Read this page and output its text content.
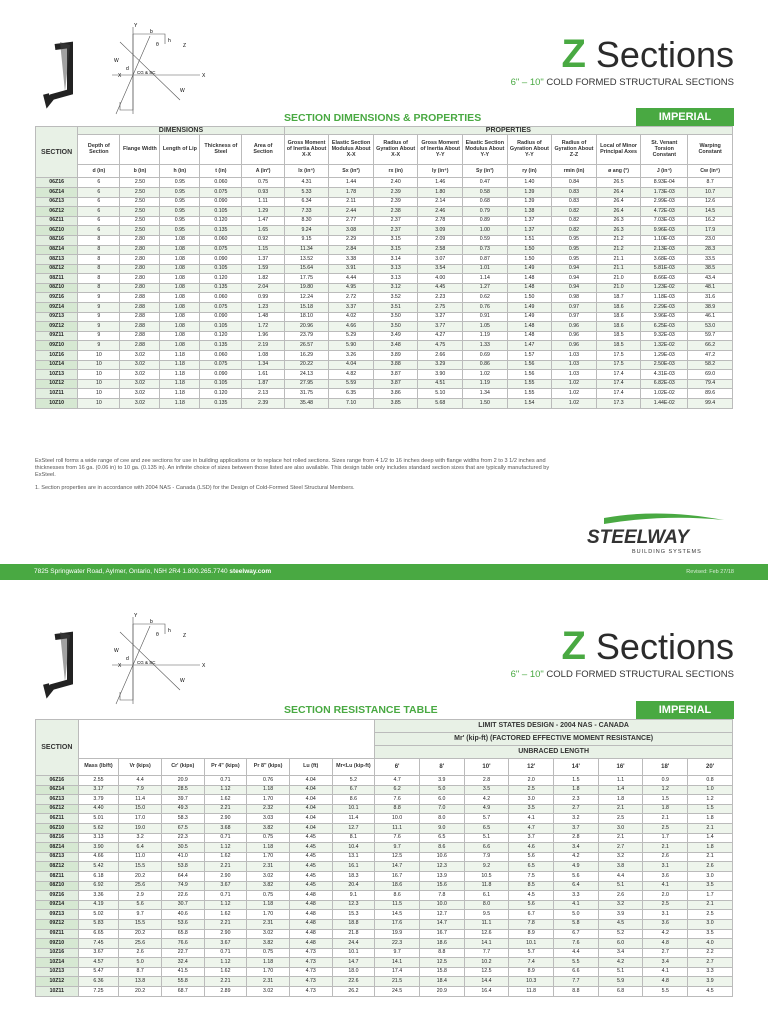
Y
Z
X
X
CG & SC
W
W
b
d
h
θ	Z Sections
6" – 10" COLD FORMED STRUCTURAL SECTIONS
SECTION DIMENSIONS & PROPERTIES	IMPERIAL
SECTION	DIMENSIONS					PROPERTIES									
	Depth of Section	Flange Width	Length of Lip	Thickness of Steel	Area of Section	Gross Moment of Inertia About X-X	Elastic Section Modulus About X-X	Radius of Gyration About X-X	Gross Moment of Inertia About Y-Y	Elastic Section Modulus About Y-Y	Radius of Gyration About Y-Y	Radius of Gyration About Z-Z	Local of Minor Principal Axes	St. Venant Torsion Constant	Warping Constant
	d (in)	b (in)	h (in)	t (in)	A (in²)	Ix (in⁴)	Sx (in³)	rx (in)	Iy (in⁴)	Sy (in³)	ry (in)	rmin (in)	ø ang (°)	J (in⁴)	Cw (in⁶)
06Z16	6	2.50	0.95	0.060	0.75	4.31	1.44	2.40	1.46	0.47	1.40	0.84	26.5	8.93E-04	8.7
06Z14	6	2.50	0.95	0.075	0.93	5.33	1.78	2.39	1.80	0.58	1.39	0.83	26.4	1.73E-03	10.7
06Z13	6	2.50	0.95	0.090	1.11	6.34	2.11	2.39	2.14	0.68	1.39	0.83	26.4	2.99E-03	12.6
06Z12	6	2.50	0.95	0.105	1.29	7.33	2.44	2.38	2.46	0.79	1.38	0.82	26.4	4.72E-03	14.5
06Z11	6	2.50	0.95	0.120	1.47	8.30	2.77	2.37	2.78	0.89	1.37	0.82	26.3	7.03E-03	16.2
06Z10	6	2.50	0.95	0.135	1.65	9.24	3.08	2.37	3.09	1.00	1.37	0.82	26.3	9.96E-03	17.9
08Z16	8	2.80	1.08	0.060	0.92	9.15	2.29	3.15	2.09	0.59	1.51	0.95	21.2	1.10E-03	23.0
08Z14	8	2.80	1.08	0.075	1.15	11.34	2.84	3.15	2.58	0.73	1.50	0.95	21.2	2.13E-03	28.3
08Z13	8	2.80	1.08	0.090	1.37	13.52	3.38	3.14	3.07	0.87	1.50	0.95	21.1	3.68E-03	33.5
08Z12	8	2.80	1.08	0.105	1.59	15.64	3.91	3.13	3.54	1.01	1.49	0.94	21.1	5.81E-03	38.5
08Z11	8	2.80	1.08	0.120	1.82	17.75	4.44	3.13	4.00	1.14	1.48	0.94	21.0	8.66E-03	43.4
08Z10	8	2.80	1.08	0.135	2.04	19.80	4.95	3.12	4.45	1.27	1.48	0.94	21.0	1.23E-02	48.1
09Z16	9	2.88	1.08	0.060	0.99	12.24	2.72	3.52	2.23	0.62	1.50	0.98	18.7	1.18E-03	31.6
09Z14	9	2.88	1.08	0.075	1.23	15.18	3.37	3.51	2.75	0.76	1.49	0.97	18.6	2.29E-03	38.9
09Z13	9	2.88	1.08	0.090	1.48	18.10	4.02	3.50	3.27	0.91	1.49	0.97	18.6	3.96E-03	46.1
09Z12	9	2.88	1.08	0.105	1.72	20.96	4.66	3.50	3.77	1.05	1.48	0.96	18.6	6.25E-03	53.0
09Z11	9	2.88	1.08	0.120	1.96	23.79	5.29	3.49	4.27	1.19	1.48	0.96	18.5	9.32E-03	59.7
09Z10	9	2.88	1.08	0.135	2.19	26.57	5.90	3.48	4.75	1.33	1.47	0.96	18.5	1.32E-02	66.2
10Z16	10	3.02	1.18	0.060	1.08	16.29	3.26	3.89	2.66	0.69	1.57	1.03	17.5	1.29E-03	47.2
10Z14	10	3.02	1.18	0.075	1.34	20.22	4.04	3.88	3.29	0.86	1.56	1.03	17.5	2.50E-03	58.2
10Z13	10	3.02	1.18	0.090	1.61	24.13	4.82	3.87	3.90	1.02	1.56	1.03	17.4	4.31E-03	69.0
10Z12	10	3.02	1.18	0.105	1.87	27.95	5.59	3.87	4.51	1.19	1.55	1.02	17.4	6.82E-03	79.4
10Z11	10	3.02	1.18	0.120	2.13	31.75	6.35	3.86	5.10	1.34	1.55	1.02	17.4	1.02E-02	89.6
10Z10	10	3.02	1.18	0.135	2.39	35.48	7.10	3.85	5.68	1.50	1.54	1.02	17.3	1.44E-02	99.4

ExSteel roll forms a wide range of cee and zee sections for use in building applications or to replace hot rolled sections. Sizes range from 4 1/2 to 16 inches deep with flange widths from 2 to 3 1/2 inches and thicknesses from 16 ga. (0.06 in) to 10 ga. (0.135 in). An infinite choice of sizes between those listed are also available. This design table only includes standard section sizes that are typically manufactured by ExSteel.

1. Section properties are in accordance with 2004 NAS - Canada (LSD) for the Design of Cold-Formed Steel Structural Members.

STEELWAY
BUILDING SYSTEMS
7825 Springwater Road, Aylmer, Ontario, N5H 2R4 1.800.265.7740 steelway.com	Revised: Feb 27/18
Y
Z
X
X
CG & SC
W
W
b
d
h
θ	Z Sections
6" – 10" COLD FORMED STRUCTURAL SECTIONS
SECTION RESISTANCE TABLE	IMPERIAL
SECTION								LIMIT STATES DESIGN - 2004 NAS - CANADA							
								Mr' (kip-ft) (FACTORED EFFECTIVE MOMENT RESISTANCE)							
								UNBRACED LENGTH							
	Mass (lb/ft)	Vr (kips)	Cr' (kips)	Pr 4" (kips)	Pr 8" (kips)	Lu (ft)	Mr<Lu (kip-ft)	6'	8'	10'	12'	14'	16'	18'	20'
06Z16	2.55	4.4	20.9	0.71	0.76	4.04	5.2	4.7	3.9	2.8	2.0	1.5	1.1	0.9	0.8
06Z14	3.17	7.9	28.5	1.12	1.18	4.04	6.7	6.2	5.0	3.5	2.5	1.8	1.4	1.2	1.0
06Z13	3.79	11.4	39.7	1.62	1.70	4.04	8.6	7.6	6.0	4.2	3.0	2.3	1.8	1.5	1.2
06Z12	4.40	15.0	49.3	2.21	2.32	4.04	10.1	8.8	7.0	4.9	3.5	2.7	2.1	1.8	1.5
06Z11	5.01	17.0	58.3	2.90	3.03	4.04	11.4	10.0	8.0	5.7	4.1	3.2	2.5	2.1	1.8
06Z10	5.62	19.0	67.5	3.68	3.82	4.04	12.7	11.1	9.0	6.5	4.7	3.7	3.0	2.5	2.1
08Z16	3.13	3.2	22.3	0.71	0.75	4.45	8.1	7.6	6.5	5.1	3.7	2.8	2.1	1.7	1.4
08Z14	3.90	6.4	30.5	1.12	1.18	4.45	10.4	9.7	8.6	6.6	4.6	3.4	2.7	2.1	1.8
08Z13	4.66	11.0	41.0	1.62	1.70	4.45	13.1	12.5	10.6	7.9	5.6	4.2	3.2	2.6	2.1
08Z12	5.42	15.5	53.8	2.21	2.31	4.45	16.1	14.7	12.3	9.2	6.5	4.9	3.8	3.1	2.6
08Z11	6.18	20.2	64.4	2.90	3.02	4.45	18.3	16.7	13.9	10.5	7.5	5.6	4.4	3.6	3.0
08Z10	6.92	25.6	74.9	3.67	3.82	4.45	20.4	18.6	15.6	11.8	8.5	6.4	5.1	4.1	3.5
09Z16	3.36	2.9	22.6	0.71	0.75	4.48	9.1	8.6	7.8	6.1	4.5	3.3	2.6	2.0	1.7
09Z14	4.19	5.6	30.7	1.12	1.18	4.48	12.3	11.5	10.0	8.0	5.6	4.1	3.2	2.5	2.1
09Z13	5.02	9.7	40.6	1.62	1.70	4.48	15.3	14.5	12.7	9.5	6.7	5.0	3.9	3.1	2.5
09Z12	5.83	15.5	53.6	2.21	2.31	4.48	18.8	17.6	14.7	11.1	7.8	5.8	4.5	3.6	3.0
09Z11	6.65	20.2	65.8	2.90	3.02	4.48	21.8	19.9	16.7	12.6	8.9	6.7	5.2	4.2	3.5
09Z10	7.45	25.6	76.6	3.67	3.82	4.48	24.4	22.3	18.6	14.1	10.1	7.6	6.0	4.8	4.0
10Z16	3.67	2.6	22.7	0.71	0.75	4.73	10.1	9.7	8.8	7.7	5.7	4.4	3.4	2.7	2.2
10Z14	4.57	5.0	32.4	1.12	1.18	4.73	14.7	14.1	12.5	10.2	7.4	5.5	4.2	3.4	2.7
10Z13	5.47	8.7	41.5	1.62	1.70	4.73	18.0	17.4	15.8	12.5	8.9	6.6	5.1	4.1	3.3
10Z12	6.36	13.8	55.8	2.21	2.31	4.73	22.6	21.5	18.4	14.4	10.3	7.7	5.9	4.8	3.9
10Z11	7.25	20.2	68.7	2.89	3.02	4.73	26.2	24.5	20.9	16.4	11.8	8.8	6.8	5.5	4.5
